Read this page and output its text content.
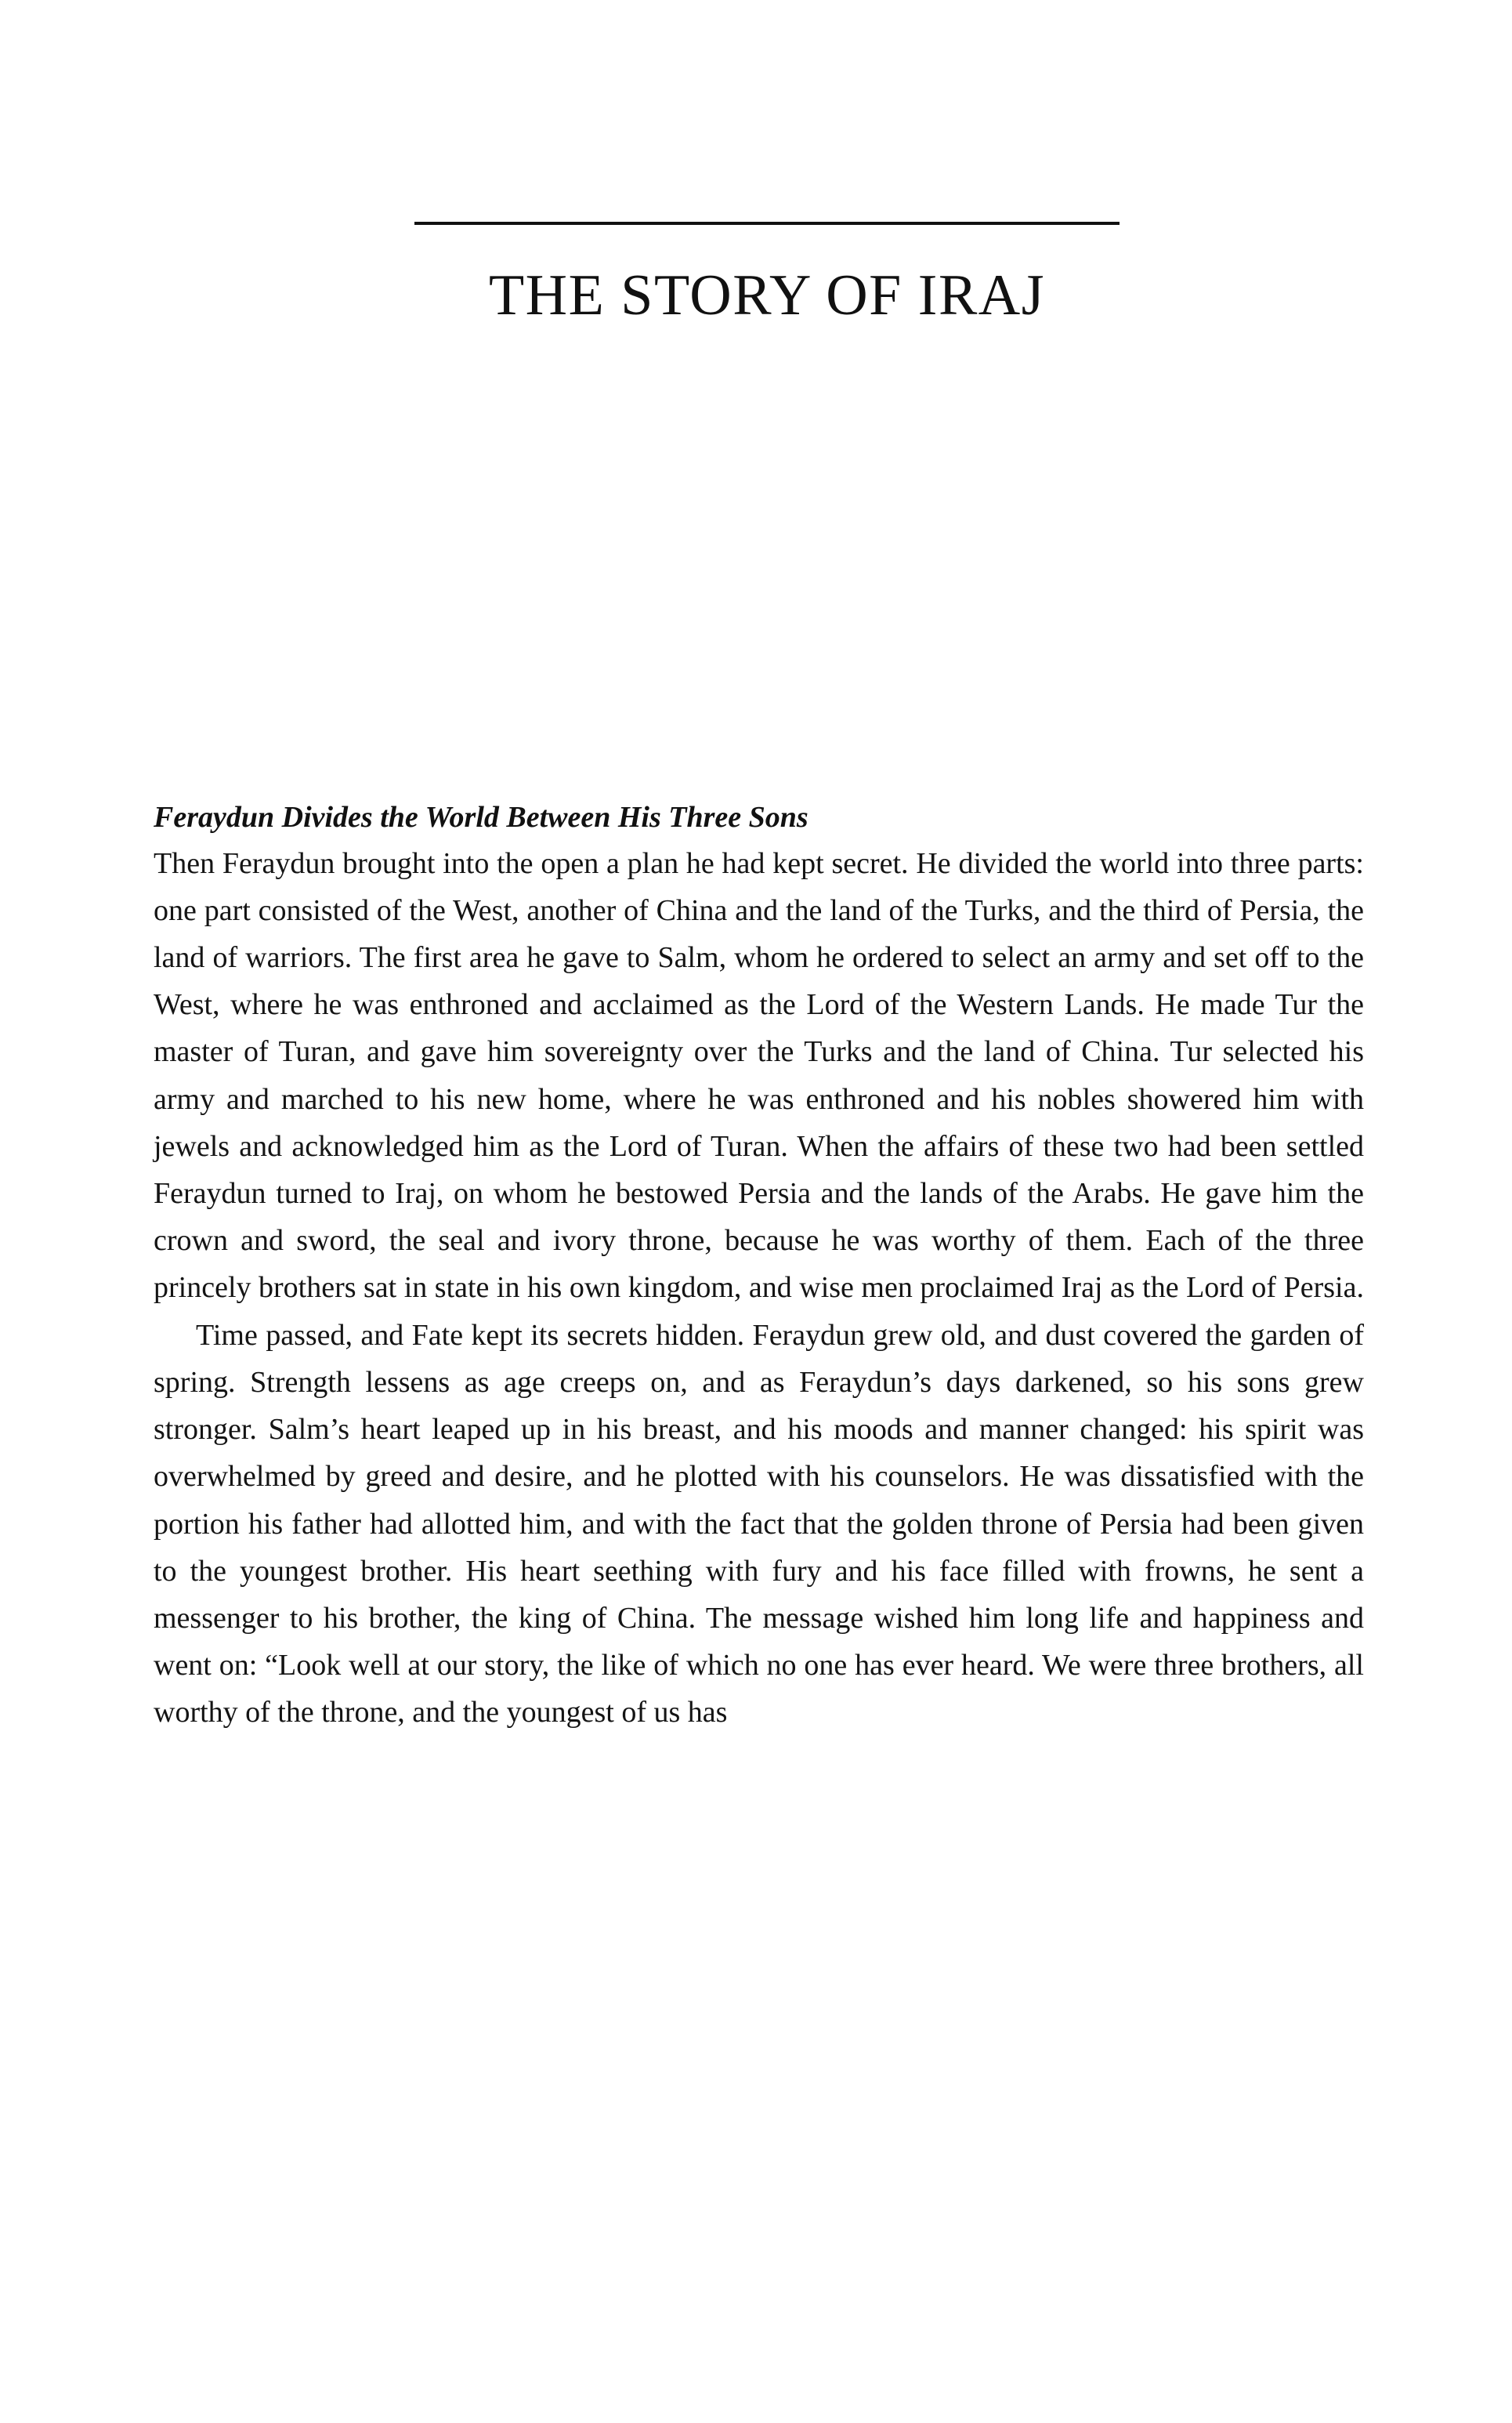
THE STORY OF IRAJ
Feraydun Divides the World Between His Three Sons

Then Feraydun brought into the open a plan he had kept secret. He divided the world into three parts: one part consisted of the West, another of China and the land of the Turks, and the third of Persia, the land of warriors. The first area he gave to Salm, whom he ordered to select an army and set off to the West, where he was enthroned and acclaimed as the Lord of the Western Lands. He made Tur the master of Turan, and gave him sovereignty over the Turks and the land of China. Tur selected his army and marched to his new home, where he was enthroned and his nobles showered him with jewels and acknowledged him as the Lord of Turan. When the affairs of these two had been settled Feraydun turned to Iraj, on whom he bestowed Persia and the lands of the Arabs. He gave him the crown and sword, the seal and ivory throne, because he was worthy of them. Each of the three princely brothers sat in state in his own kingdom, and wise men proclaimed Iraj as the Lord of Persia.

Time passed, and Fate kept its secrets hidden. Feraydun grew old, and dust covered the garden of spring. Strength lessens as age creeps on, and as Feraydun’s days darkened, so his sons grew stronger. Salm’s heart leaped up in his breast, and his moods and manner changed: his spirit was overwhelmed by greed and desire, and he plotted with his counselors. He was dissatisfied with the portion his father had allotted him, and with the fact that the golden throne of Persia had been given to the youngest brother. His heart seething with fury and his face filled with frowns, he sent a messenger to his brother, the king of China. The message wished him long life and happiness and went on: “Look well at our story, the like of which no one has ever heard. We were three brothers, all worthy of the throne, and the youngest of us has
